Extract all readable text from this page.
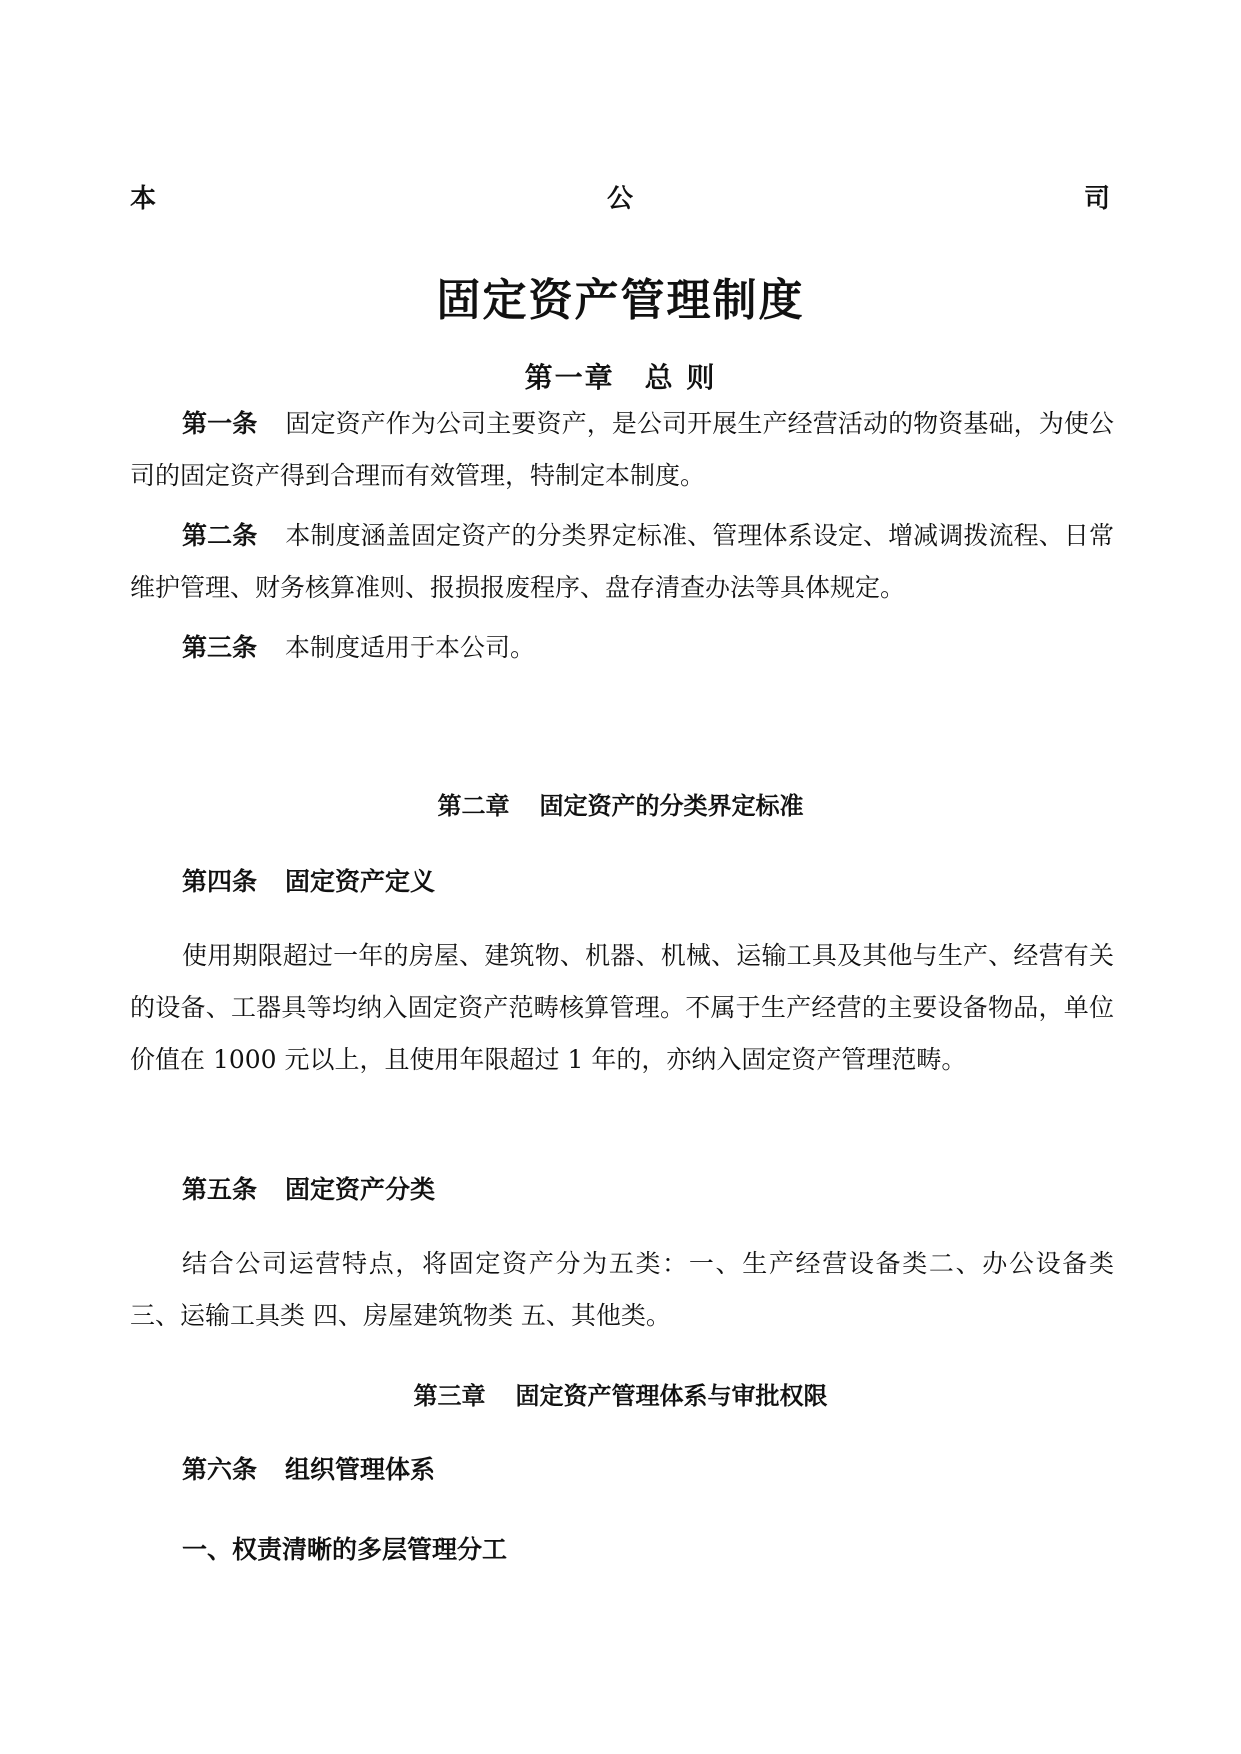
本	公	司
固定资产管理制度
第一章 总 则
第一条 固定资产作为公司主要资产，是公司开展生产经营活动的物资基础，为使公司的固定资产得到合理而有效管理，特制定本制度。
第二条 本制度涵盖固定资产的分类界定标准、管理体系设定、增减调拨流程、日常维护管理、财务核算准则、报损报废程序、盘存清查办法等具体规定。
第三条 本制度适用于本公司。
第二章 固定资产的分类界定标准
第四条 固定资产定义
使用期限超过一年的房屋、建筑物、机器、机械、运输工具及其他与生产、经营有关的设备、工器具等均纳入固定资产范畴核算管理。不属于生产经营的主要设备物品，单位价值在 1000 元以上，且使用年限超过 1 年的，亦纳入固定资产管理范畴。
第五条 固定资产分类
结合公司运营特点，将固定资产分为五类：一、生产经营设备类二、办公设备类 三、运输工具类 四、房屋建筑物类 五、其他类。
第三章 固定资产管理体系与审批权限
第六条 组织管理体系
一、权责清晰的多层管理分工
